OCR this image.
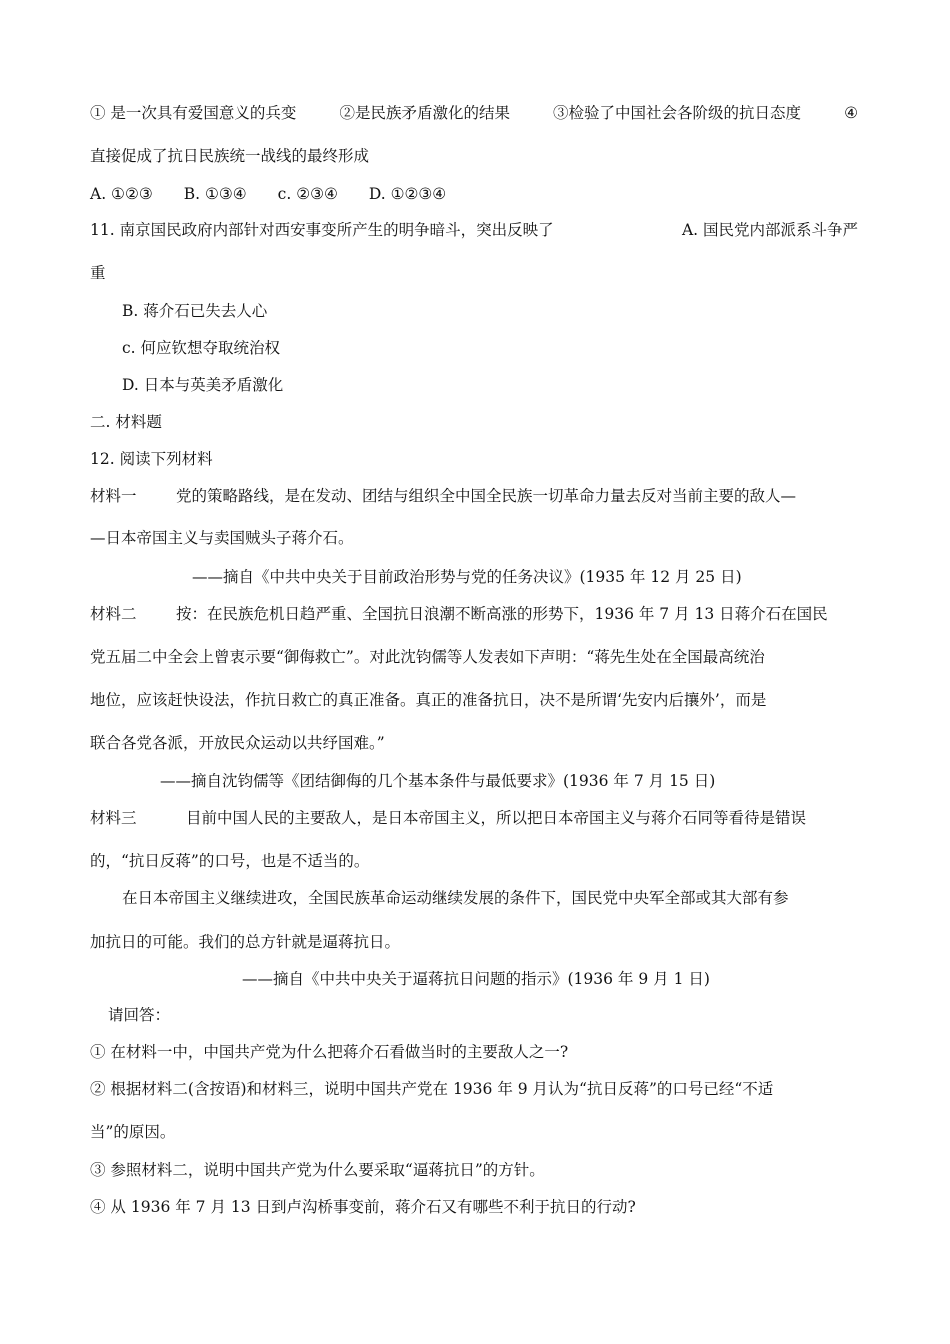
① 是一次具有爱国意义的兵变	②是民族矛盾激化的结果	③检验了中国社会各阶级的抗日态度	④
直接促成了抗日民族统一战线的最终形成
A. ①②③　　B. ①③④　　c. ②③④　　D. ①②③④
11. 南京国民政府内部针对西安事变所产生的明争暗斗，突出反映了	A. 国民党内部派系斗争严
重
B. 蒋介石已失去人心
c. 何应钦想夺取统治权
D. 日本与英美矛盾激化
二. 材料题
12. 阅读下列材料
材料一	党的策略路线，是在发动、团结与组织全中国全民族一切革命力量去反对当前主要的敌人—
—日本帝国主义与卖国贼头子蒋介石。
——摘自《中共中央关于目前政治形势与党的任务决议》(1935 年 12 月 25 日)
材料二	按：在民族危机日趋严重、全国抗日浪潮不断高涨的形势下，1936 年 7 月 13 日蒋介石在国民
党五届二中全会上曾衷示要“御侮救亡”。对此沈钧儒等人发表如下声明：“蒋先生处在全国最高统治
地位，应该赶快设法，作抗日救亡的真正准备。真正的准备抗日，决不是所谓‘先安内后攘外’，而是
联合各党各派，开放民众运动以共纾国难。”
——摘自沈钧儒等《团结御侮的几个基本条件与最低要求》(1936 年 7 月 15 日)
材料三	目前中国人民的主要敌人，是日本帝国主义，所以把日本帝国主义与蒋介石同等看待是错误
的，“抗日反蒋”的口号，也是不适当的。
在日本帝国主义继续进攻，全国民族革命运动继续发展的条件下，国民党中央军全部或其大部有参
加抗日的可能。我们的总方针就是逼蒋抗日。
——摘自《中共中央关于逼蒋抗日问题的指示》(1936 年 9 月 1 日)
请回答：
① 在材料一中，中国共产党为什么把蒋介石看做当时的主要敌人之一?
② 根据材料二(含按语)和材料三，说明中国共产党在 1936 年 9 月认为“抗日反蒋”的口号已经“不适
当”的原因。
③ 参照材料二，说明中国共产党为什么要采取“逼蒋抗日”的方针。
④ 从 1936 年 7 月 13 日到卢沟桥事变前，蒋介石又有哪些不利于抗日的行动?
